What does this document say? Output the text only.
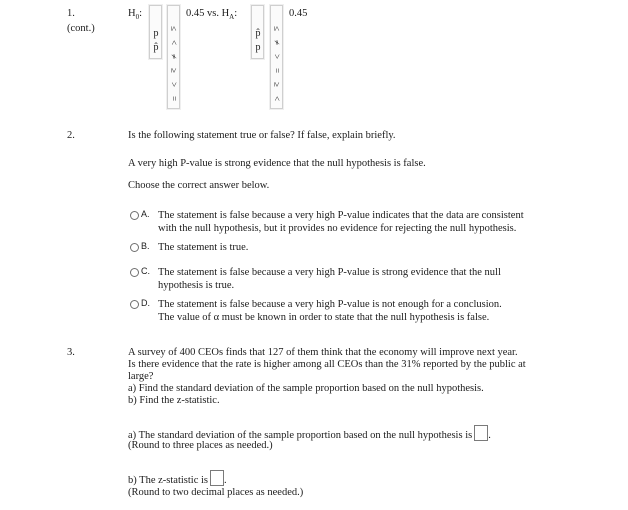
1.
(cont.)
$H_0$:
p
p̂
≤
<
≠
≥
>
=
0.45 vs. $H_A$:
p̂
p
≤
≠
>
=
≥
<
0.45
2.	Is the following statement true or false? If false, explain briefly.
A very high P-value is strong evidence that the null hypothesis is false.
Choose the correct answer below.
A. The statement is false because a very high P-value indicates that the data are consistent
with the null hypothesis, but it provides no evidence for rejecting the null hypothesis.
B. The statement is true.
C. The statement is false because a very high P-value is strong evidence that the null
hypothesis is true.
D. The statement is false because a very high P-value is not enough for a conclusion.
The value of α must be known in order to state that the null hypothesis is false.
3.	A survey of 400 CEOs finds that 127 of them think that the economy will improve next year.
Is there evidence that the rate is higher among all CEOs than the 31% reported by the public at
large?
a) Find the standard deviation of the sample proportion based on the null hypothesis.
b) Find the z-statistic.
a) The standard deviation of the sample proportion based on the null hypothesis is .
(Round to three places as needed.)
b) The z-statistic is .
(Round to two decimal places as needed.)
